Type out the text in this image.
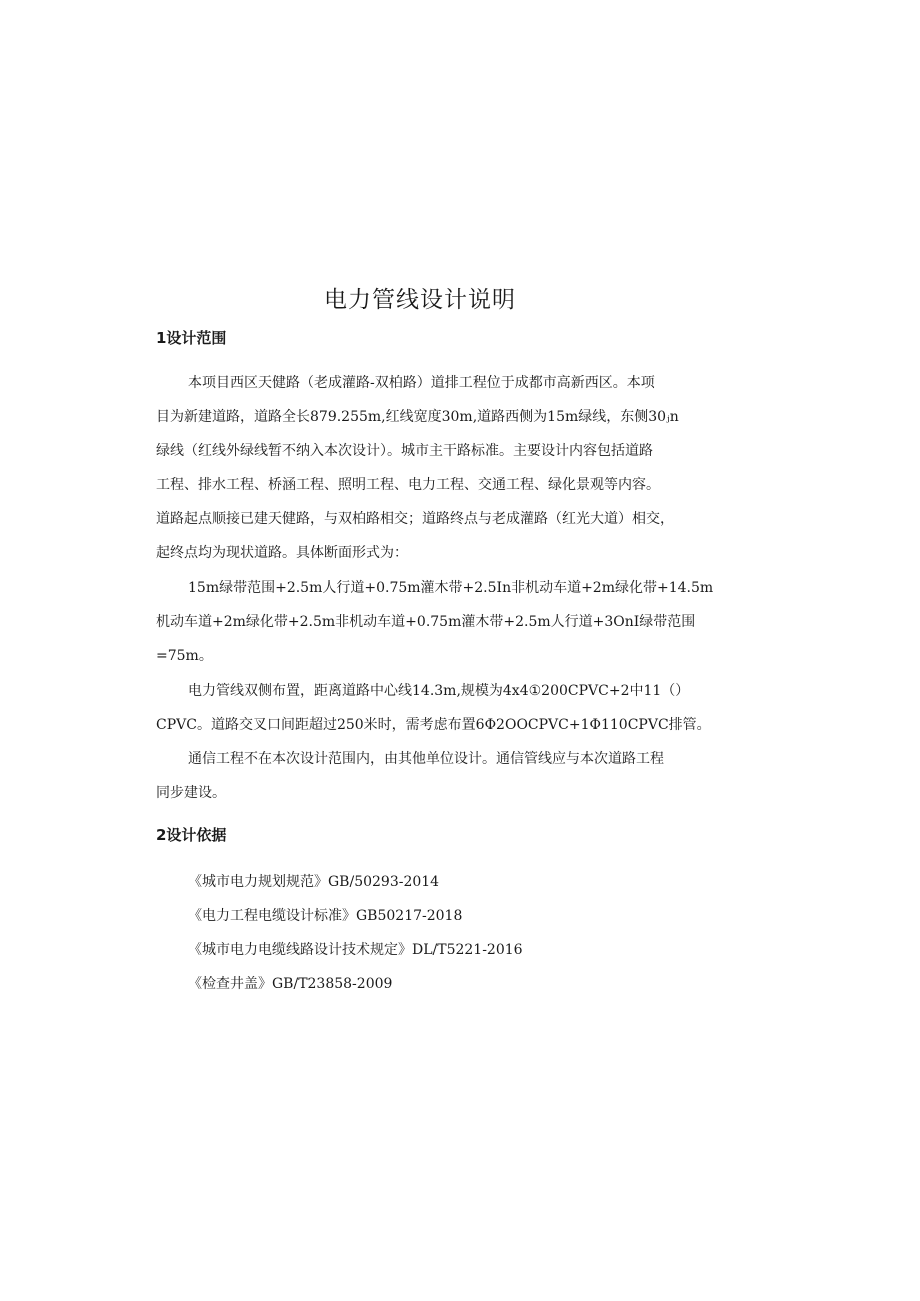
电力管线设计说明
1设计范围
本项目西区天健路（老成灌路-双柏路）道排工程位于成都市高新西区。本项
目为新建道路，道路全长879.255m,红线宽度30m,道路西侧为15m绿线，东侧30ⱼn
绿线（红线外绿线暂不纳入本次设计）。城市主干路标准。主要设计内容包括道路
工程、排水工程、桥涵工程、照明工程、电力工程、交通工程、绿化景观等内容。
道路起点顺接已建天健路，与双柏路相交；道路终点与老成灌路（红光大道）相交，
起终点均为现状道路。具体断面形式为：
15m绿带范围+2.5m人行道+0.75m灌木带+2.5In非机动车道+2m绿化带+14.5m
机动车道+2m绿化带+2.5m非机动车道+0.75m灌木带+2.5m人行道+3OnI绿带范围
=75m。
电力管线双侧布置，距离道路中心线14.3m,规模为4x4①200CPVC+2中11（）
CPVC。道路交叉口间距超过250米时，需考虑布置6Φ2OOCPVC+1Φ110CPVC排管。
通信工程不在本次设计范围内，由其他单位设计。通信管线应与本次道路工程
同步建设。
2设计依据
《城市电力规划规范》GB/50293-2014
《电力工程电缆设计标准》GB50217-2018
《城市电力电缆线路设计技术规定》DL/T5221-2016
《检查井盖》GB/T23858-2009
